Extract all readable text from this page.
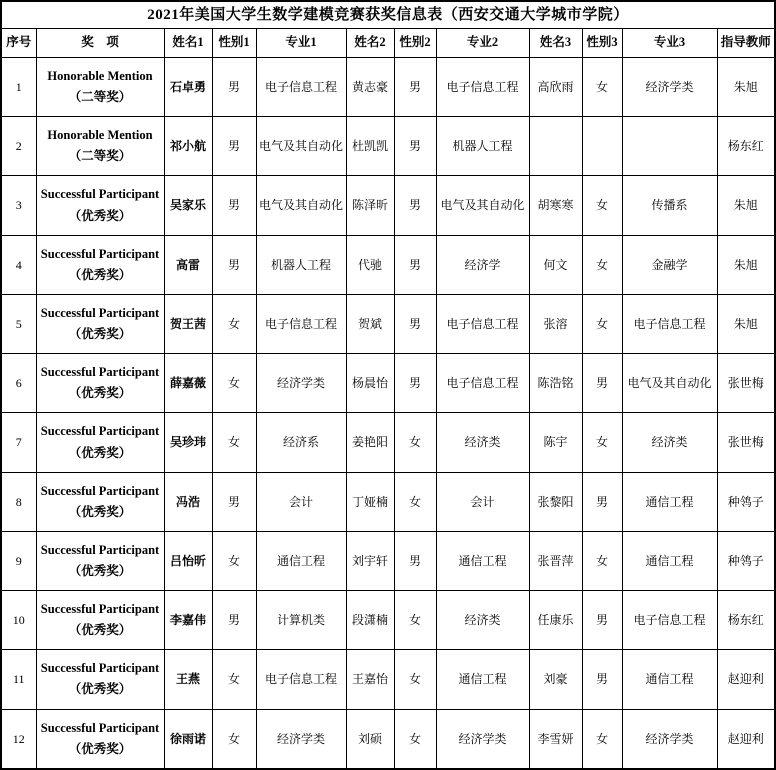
2021年美国大学生数学建模竞赛获奖信息表（西安交通大学城市学院）											
序号	奖　项	姓名1	性别1	专业1	姓名2	性别2	专业2	姓名3	性别3	专业3	指导教师
1	Honorable Mention（二等奖）	石卓勇	男	电子信息工程	黄志豪	男	电子信息工程	高欣雨	女	经济学类	朱旭
2	Honorable Mention（二等奖）	祁小航	男	电气及其自动化	杜凯凯	男	机器人工程				杨东红
3	Successful Participant（优秀奖）	吴家乐	男	电气及其自动化	陈泽昕	男	电气及其自动化	胡寒寒	女	传播系	朱旭
4	Successful Participant（优秀奖）	高雷	男	机器人工程	代驰	男	经济学	何文	女	金融学	朱旭
5	Successful Participant（优秀奖）	贺王茜	女	电子信息工程	贺斌	男	电子信息工程	张溶	女	电子信息工程	朱旭
6	Successful Participant（优秀奖）	薛嘉薇	女	经济学类	杨晨怡	男	电子信息工程	陈浩铭	男	电气及其自动化	张世梅
7	Successful Participant（优秀奖）	吴珍玮	女	经济系	姜艳阳	女	经济类	陈宇	女	经济类	张世梅
8	Successful Participant（优秀奖）	冯浩	男	会计	丁娅楠	女	会计	张黎阳	男	通信工程	种鸰子
9	Successful Participant（优秀奖）	吕怡昕	女	通信工程	刘宇轩	男	通信工程	张晋萍	女	通信工程	种鸰子
10	Successful Participant（优秀奖）	李嘉伟	男	计算机类	段潇楠	女	经济类	任康乐	男	电子信息工程	杨东红
11	Successful Participant（优秀奖）	王燕	女	电子信息工程	王嘉怡	女	通信工程	刘豪	男	通信工程	赵迎利
12	Successful Participant（优秀奖）	徐雨诺	女	经济学类	刘硕	女	经济学类	李雪妍	女	经济学类	赵迎利
